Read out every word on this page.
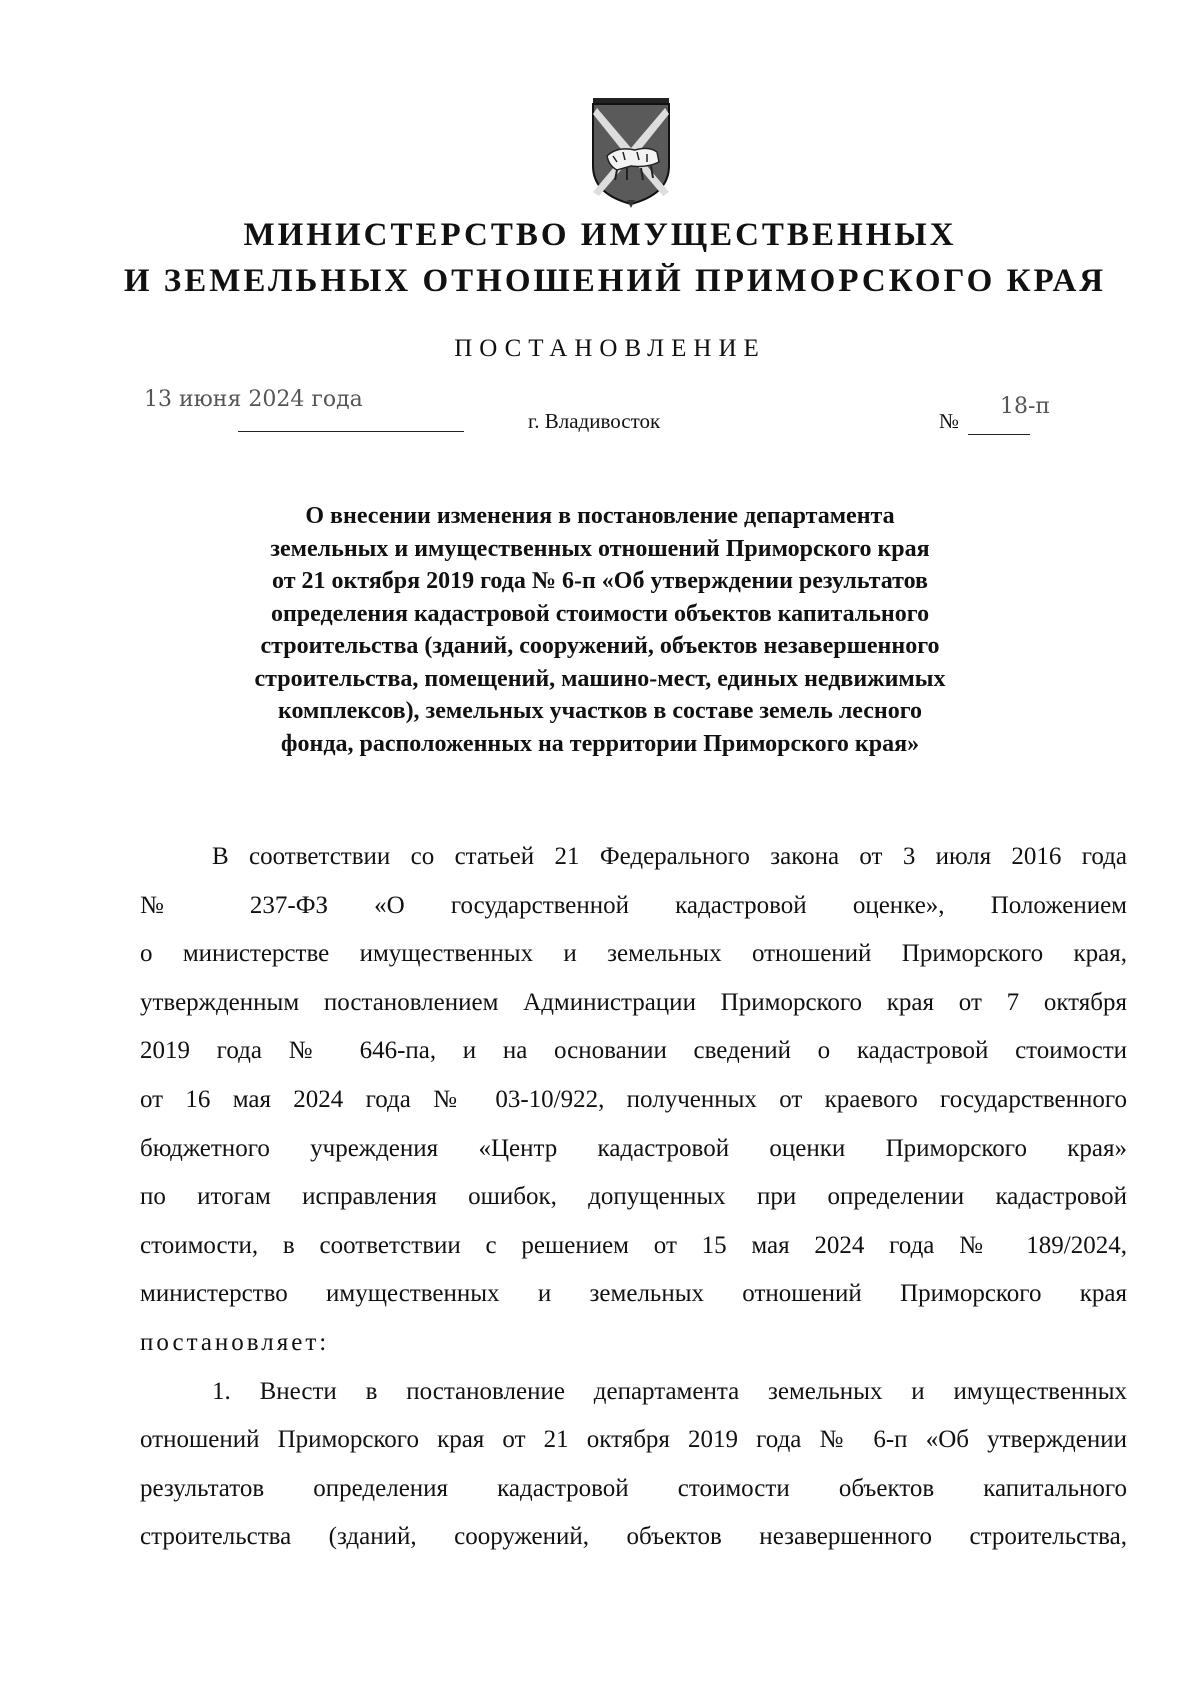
МИНИСТЕРСТВО ИМУЩЕСТВЕННЫХ
И ЗЕМЕЛЬНЫХ ОТНОШЕНИЙ ПРИМОРСКОГО КРАЯ
ПОСТАНОВЛЕНИЕ
13 июня 2024 года
г. Владивосток	№
18-п
О внесении изменения в постановление департамента
земельных и имущественных отношений Приморского края
от 21 октября 2019 года № 6-п «Об утверждении результатов
определения кадастровой стоимости объектов капитального
строительства (зданий, сооружений, объектов незавершенного
строительства, помещений, машино-мест, единых недвижимых
комплексов), земельных участков в составе земель лесного
фонда, расположенных на территории Приморского края»
В соответствии со статьей 21 Федерального закона от 3 июля 2016 года
№ 237-ФЗ «О государственной кадастровой оценке», Положением
о министерстве имущественных и земельных отношений Приморского края,
утвержденным постановлением Администрации Приморского края от 7 октября
2019 года № 646-па, и на основании сведений о кадастровой стоимости
от 16 мая 2024 года № 03-10/922, полученных от краевого государственного
бюджетного учреждения «Центр кадастровой оценки Приморского края»
по итогам исправления ошибок, допущенных при определении кадастровой
стоимости, в соответствии с решением от 15 мая 2024 года № 189/2024,
министерство имущественных и земельных отношений Приморского края
постановляет:
1. Внести в постановление департамента земельных и имущественных
отношений Приморского края от 21 октября 2019 года № 6-п «Об утверждении
результатов определения кадастровой стоимости объектов капитального
строительства (зданий, сооружений, объектов незавершенного строительства,
